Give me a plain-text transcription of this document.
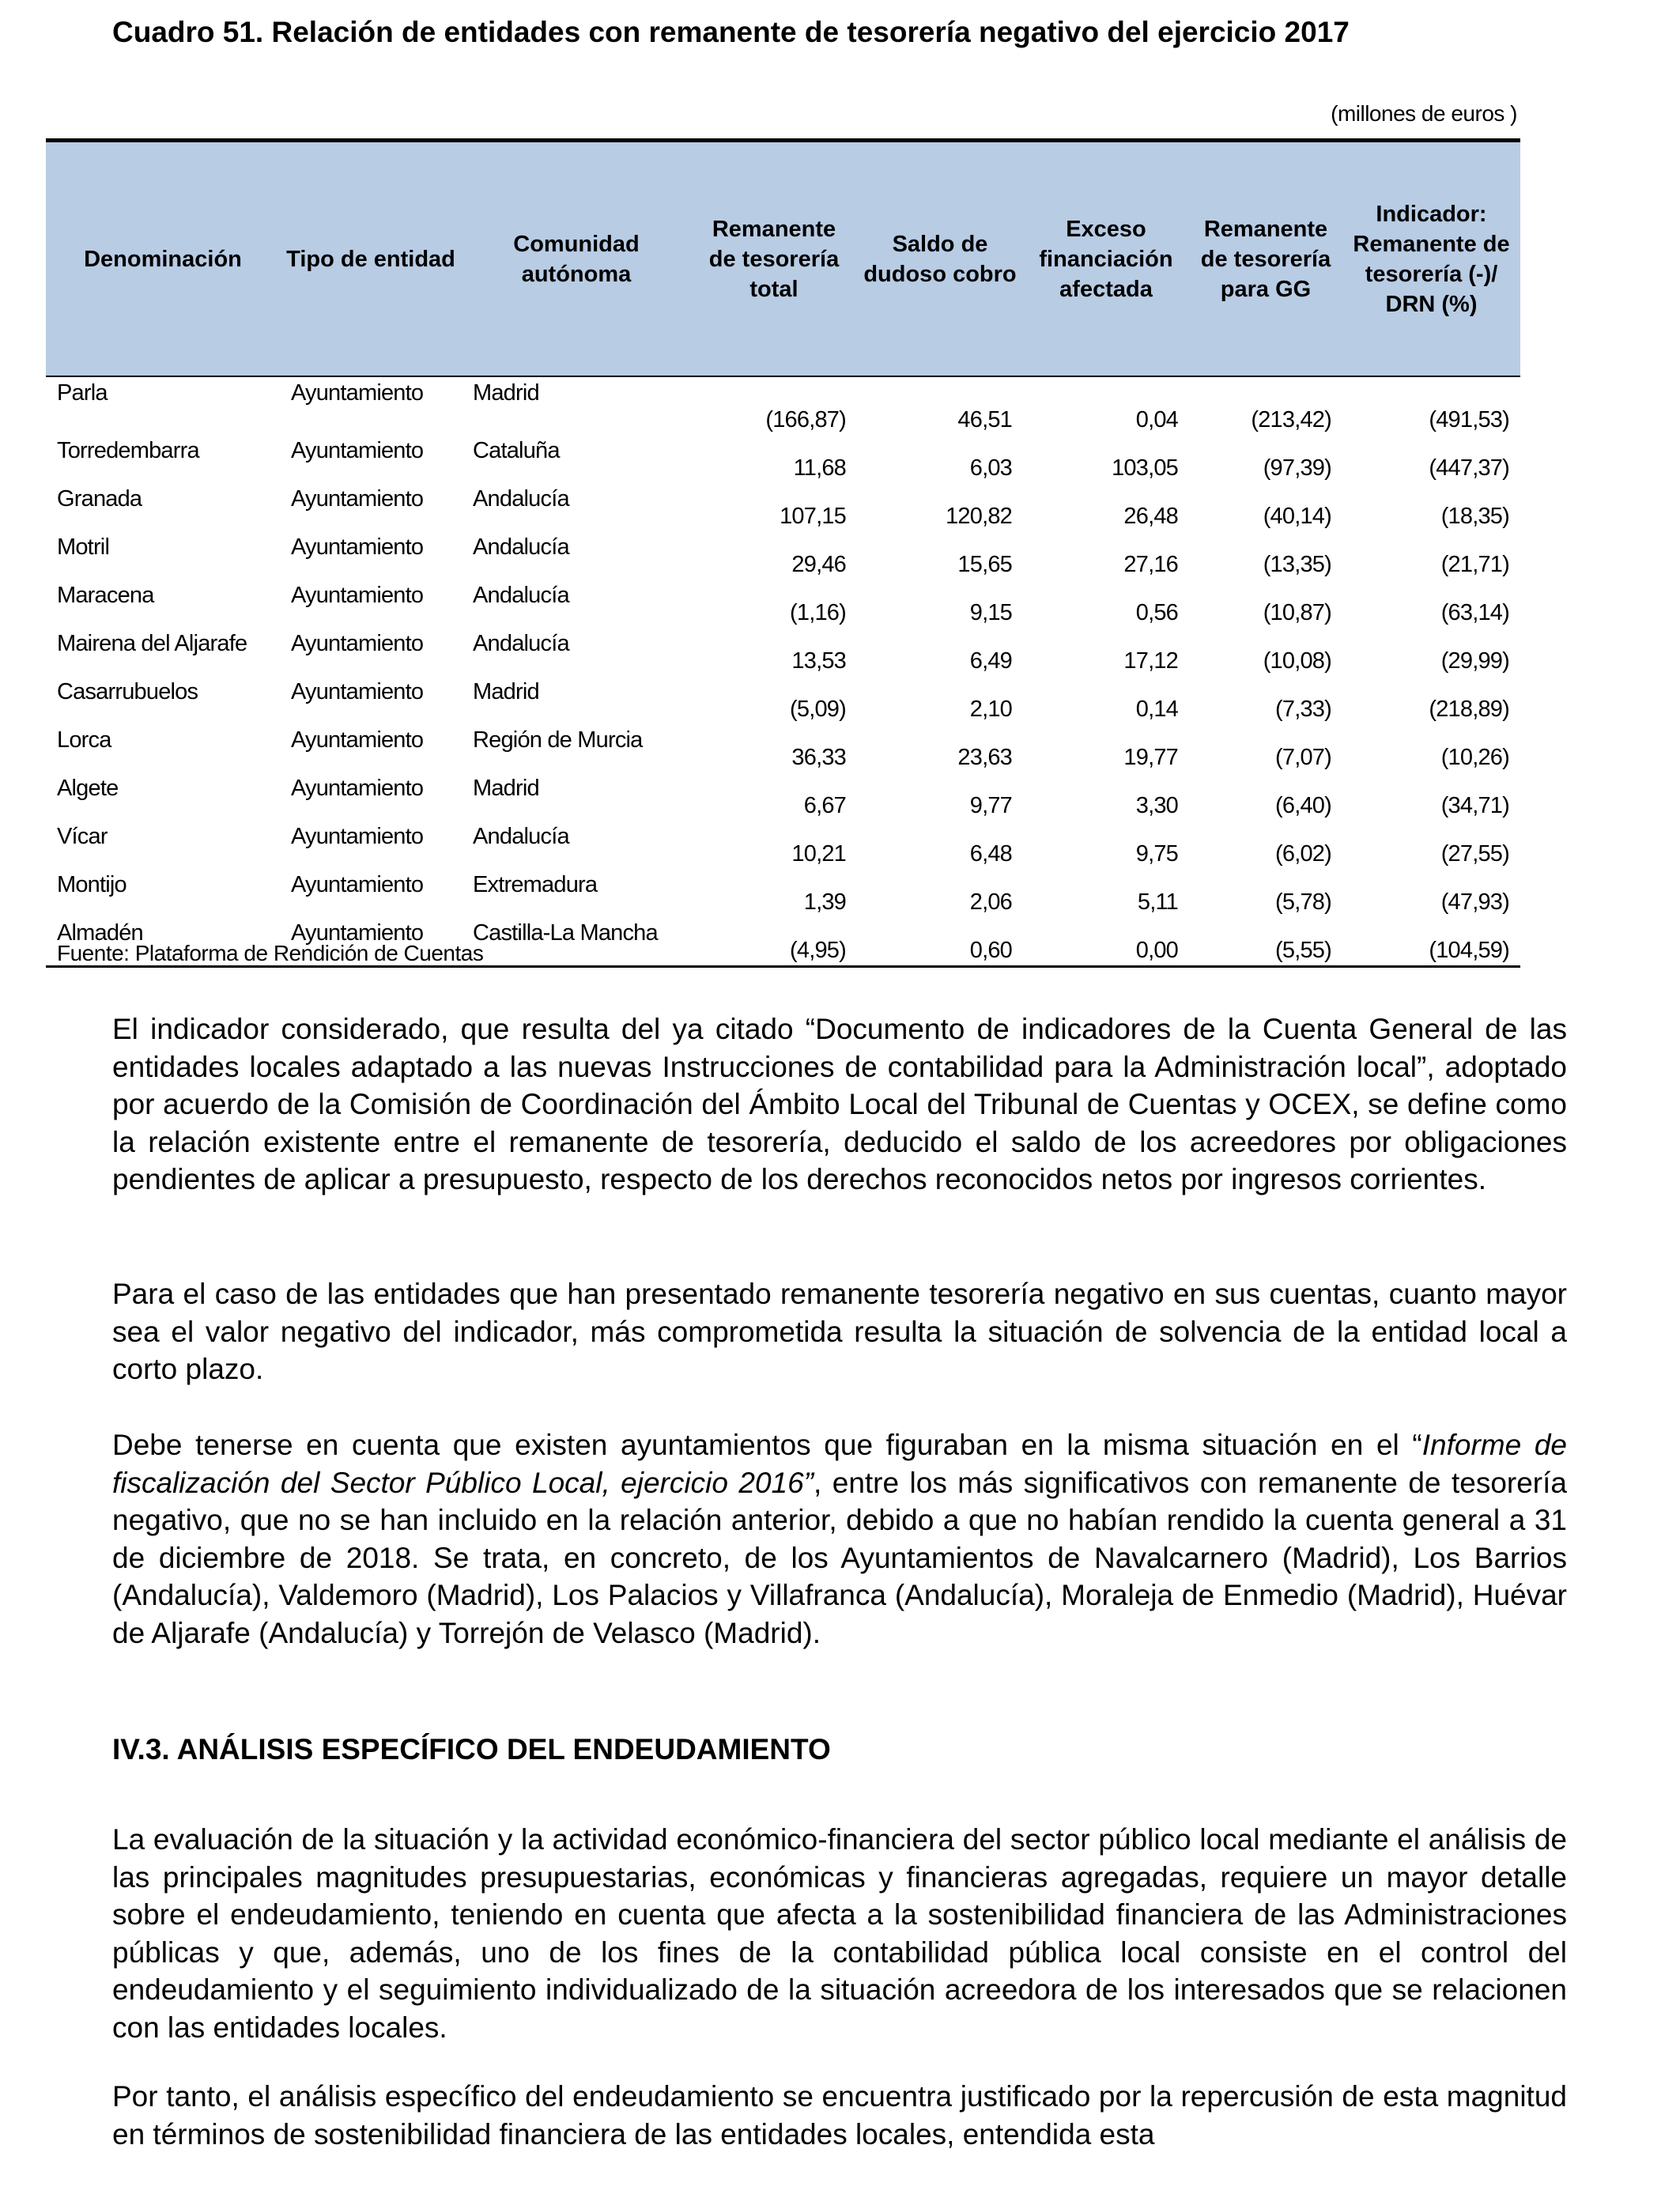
Cuadro 51. Relación de entidades con remanente de tesorería negativo del ejercicio 2017
(millones de euros )
Denominación	Tipo de entidad	Comunidad autónoma	Remanente de tesorería total	Saldo de dudoso cobro	Exceso financiación afectada	Remanente de tesorería para GG	Indicador: Remanente de tesorería (-)/ DRN (%)
Parla	Ayuntamiento	Madrid	(166,87)	46,51	0,04	(213,42)	(491,53)
Torredembarra	Ayuntamiento	Cataluña	11,68	6,03	103,05	(97,39)	(447,37)
Granada	Ayuntamiento	Andalucía	107,15	120,82	26,48	(40,14)	(18,35)
Motril	Ayuntamiento	Andalucía	29,46	15,65	27,16	(13,35)	(21,71)
Maracena	Ayuntamiento	Andalucía	(1,16)	9,15	0,56	(10,87)	(63,14)
Mairena del Aljarafe	Ayuntamiento	Andalucía	13,53	6,49	17,12	(10,08)	(29,99)
Casarrubuelos	Ayuntamiento	Madrid	(5,09)	2,10	0,14	(7,33)	(218,89)
Lorca	Ayuntamiento	Región de Murcia	36,33	23,63	19,77	(7,07)	(10,26)
Algete	Ayuntamiento	Madrid	6,67	9,77	3,30	(6,40)	(34,71)
Vícar	Ayuntamiento	Andalucía	10,21	6,48	9,75	(6,02)	(27,55)
Montijo	Ayuntamiento	Extremadura	1,39	2,06	5,11	(5,78)	(47,93)
Almadén	Ayuntamiento	Castilla-La Mancha	(4,95)	0,60	0,00	(5,55)	(104,59)
Fuente: Plataforma de Rendición de Cuentas

El indicador considerado, que resulta del ya citado “Documento de indicadores de la Cuenta General de las entidades locales adaptado a las nuevas Instrucciones de contabilidad para la Administración local”, adoptado por acuerdo de la Comisión de Coordinación del Ámbito Local del Tribunal de Cuentas y OCEX, se define como la relación existente entre el remanente de tesorería, deducido el saldo de los acreedores por obligaciones pendientes de aplicar a presupuesto, respecto de los derechos reconocidos netos por ingresos corrientes.

Para el caso de las entidades que han presentado remanente tesorería negativo en sus cuentas, cuanto mayor sea el valor negativo del indicador, más comprometida resulta la situación de solvencia de la entidad local a corto plazo.

Debe tenerse en cuenta que existen ayuntamientos que figuraban en la misma situación en el “Informe de fiscalización del Sector Público Local, ejercicio 2016”, entre los más significativos con remanente de tesorería negativo, que no se han incluido en la relación anterior, debido a que no habían rendido la cuenta general a 31 de diciembre de 2018. Se trata, en concreto, de los Ayuntamientos de Navalcarnero (Madrid), Los Barrios (Andalucía), Valdemoro (Madrid), Los Palacios y Villafranca (Andalucía), Moraleja de Enmedio (Madrid), Huévar de Aljarafe (Andalucía) y Torrejón de Velasco (Madrid).

IV.3. ANÁLISIS ESPECÍFICO DEL ENDEUDAMIENTO

La evaluación de la situación y la actividad económico-financiera del sector público local mediante el análisis de las principales magnitudes presupuestarias, económicas y financieras agregadas, requiere un mayor detalle sobre el endeudamiento, teniendo en cuenta que afecta a la sostenibilidad financiera de las Administraciones públicas y que, además, uno de los fines de la contabilidad pública local consiste en el control del endeudamiento y el seguimiento individualizado de la situación acreedora de los interesados que se relacionen con las entidades locales.

Por tanto, el análisis específico del endeudamiento se encuentra justificado por la repercusión de esta magnitud en términos de sostenibilidad financiera de las entidades locales, entendida esta
